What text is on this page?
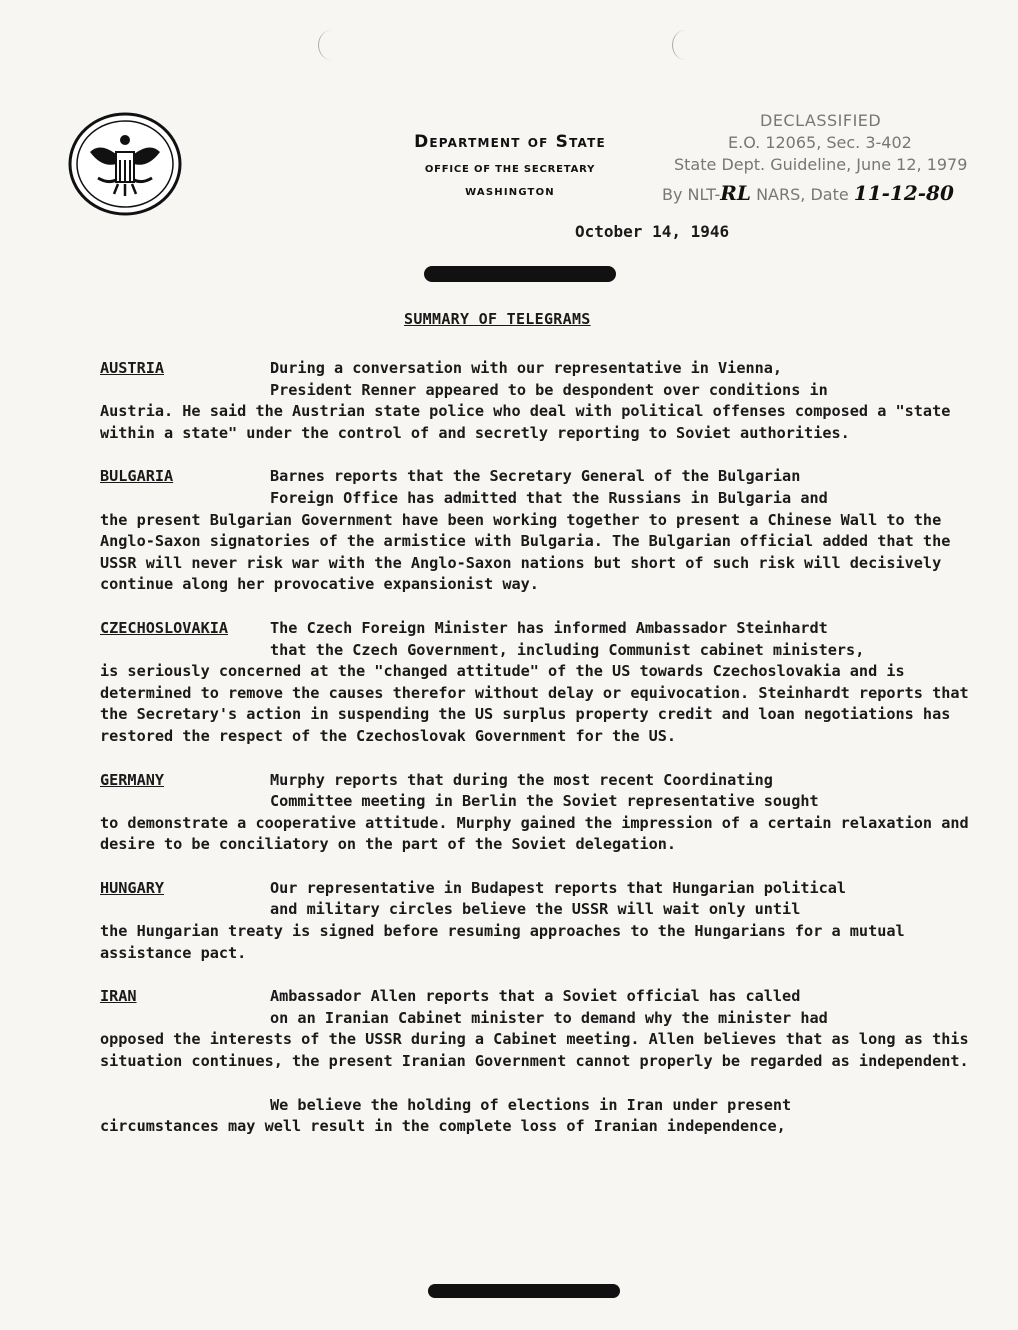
Department of State
OFFICE OF THE SECRETARY
WASHINGTON
DECLASSIFIED
E.O. 12065, Sec. 3-402
State Dept. Guideline, June 12, 1979
By NLT-RL NARS, Date 11-12-80
October 14, 1946
SUMMARY OF TELEGRAMS
AUSTRIA	During a conversation with our representative in Vienna,
President Renner appeared to be despondent over conditions in
Austria. He said the Austrian state police who deal with political offenses composed a "state within a state" under the control of and secretly reporting to Soviet authorities.
BULGARIA	Barnes reports that the Secretary General of the Bulgarian
Foreign Office has admitted that the Russians in Bulgaria and
the present Bulgarian Government have been working together to present a Chinese Wall to the Anglo-Saxon signatories of the armistice with Bulgaria. The Bulgarian official added that the USSR will never risk war with the Anglo-Saxon nations but short of such risk will decisively continue along her provocative expansionist way.
CZECHOSLOVAKIA	The Czech Foreign Minister has informed Ambassador Steinhardt
that the Czech Government, including Communist cabinet ministers,
is seriously concerned at the "changed attitude" of the US towards Czechoslovakia and is determined to remove the causes therefor without delay or equivocation. Steinhardt reports that the Secretary's action in suspending the US surplus property credit and loan negotiations has restored the respect of the Czechoslovak Government for the US.
GERMANY	Murphy reports that during the most recent Coordinating
Committee meeting in Berlin the Soviet representative sought
to demonstrate a cooperative attitude. Murphy gained the impression of a certain relaxation and desire to be conciliatory on the part of the Soviet delegation.
HUNGARY	Our representative in Budapest reports that Hungarian political
and military circles believe the USSR will wait only until
the Hungarian treaty is signed before resuming approaches to the Hungarians for a mutual assistance pact.
IRAN	Ambassador Allen reports that a Soviet official has called
on an Iranian Cabinet minister to demand why the minister had
opposed the interests of the USSR during a Cabinet meeting. Allen believes that as long as this situation continues, the present Iranian Government cannot properly be regarded as independent.
We believe the holding of elections in Iran under present
circumstances may well result in the complete loss of Iranian independence,
